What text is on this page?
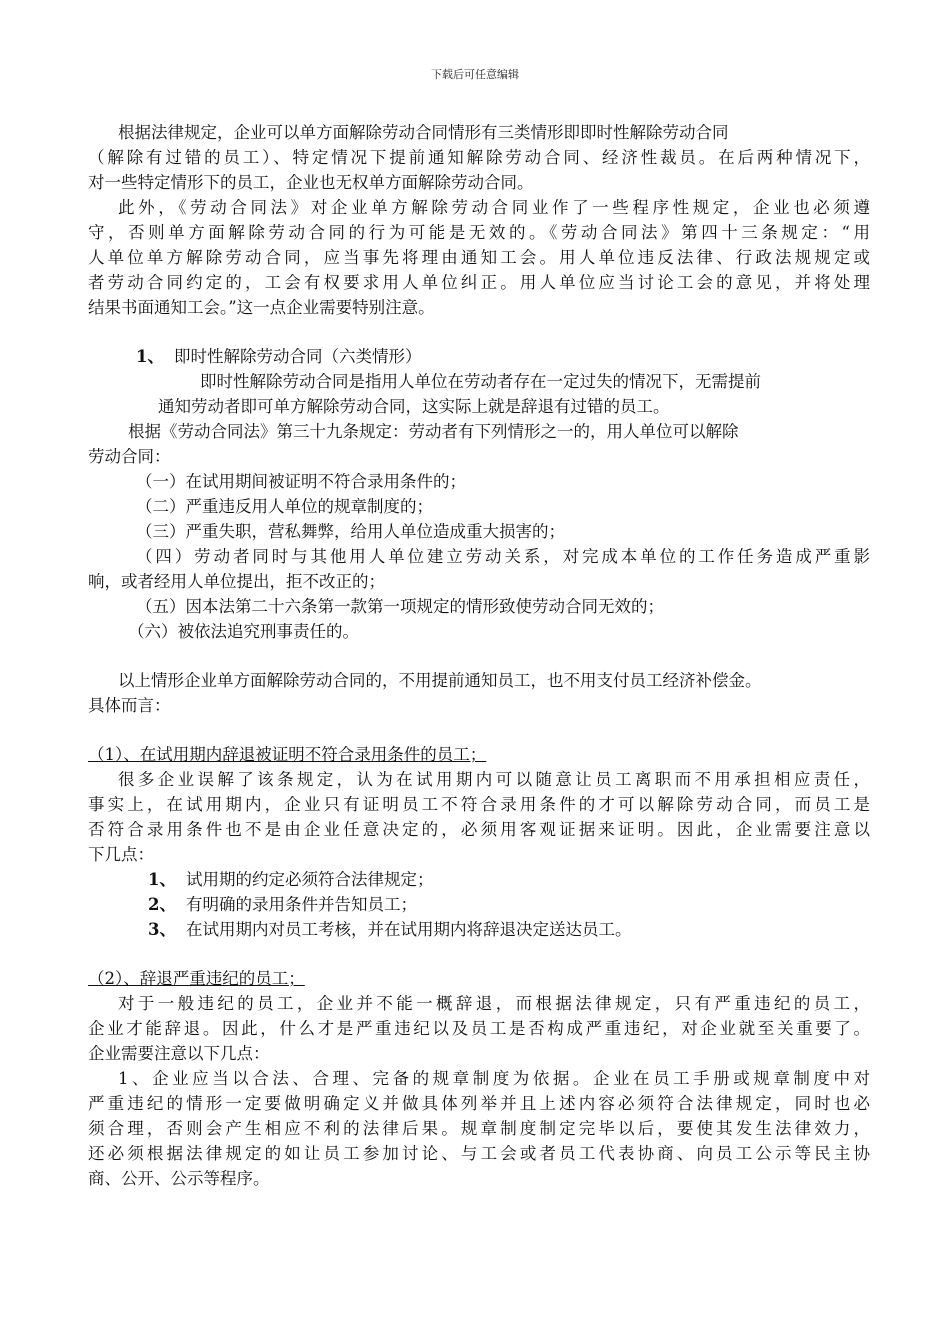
下载后可任意编辑
根据法律规定，企业可以单方面解除劳动合同情形有三类情形即即时性解除劳动合同
（解除有过错的员工）、特定情况下提前通知解除劳动合同、经济性裁员。在后两种情况下，
对一些特定情形下的员工，企业也无权单方面解除劳动合同。
此外，《劳动合同法》对企业单方解除劳动合同业作了一些程序性规定，企业也必须遵
守，否则单方面解除劳动合同的行为可能是无效的。《劳动合同法》第四十三条规定：“用
人单位单方解除劳动合同，应当事先将理由通知工会。用人单位违反法律、行政法规规定或
者劳动合同约定的，工会有权要求用人单位纠正。用人单位应当讨论工会的意见，并将处理
结果书面通知工会。”这一点企业需要特别注意。
1、 即时性解除劳动合同（六类情形）
即时性解除劳动合同是指用人单位在劳动者存在一定过失的情况下，无需提前
通知劳动者即可单方解除劳动合同，这实际上就是辞退有过错的员工。
根据《劳动合同法》第三十九条规定：劳动者有下列情形之一的，用人单位可以解除
劳动合同：
（一）在试用期间被证明不符合录用条件的；
（二）严重违反用人单位的规章制度的；
（三）严重失职，营私舞弊，给用人单位造成重大损害的；
（四）劳动者同时与其他用人单位建立劳动关系，对完成本单位的工作任务造成严重影
响，或者经用人单位提出，拒不改正的；
（五）因本法第二十六条第一款第一项规定的情形致使劳动合同无效的；
（六）被依法追究刑事责任的。
以上情形企业单方面解除劳动合同的，不用提前通知员工，也不用支付员工经济补偿金。
具体而言：
（1）、在试用期内辞退被证明不符合录用条件的员工；
很多企业误解了该条规定，认为在试用期内可以随意让员工离职而不用承担相应责任，
事实上，在试用期内，企业只有证明员工不符合录用条件的才可以解除劳动合同，而员工是
否符合录用条件也不是由企业任意决定的，必须用客观证据来证明。因此，企业需要注意以
下几点：
1、 试用期的约定必须符合法律规定；
2、 有明确的录用条件并告知员工；
3、 在试用期内对员工考核，并在试用期内将辞退决定送达员工。
（2）、辞退严重违纪的员工；
对于一般违纪的员工，企业并不能一概辞退，而根据法律规定，只有严重违纪的员工，
企业才能辞退。因此，什么才是严重违纪以及员工是否构成严重违纪，对企业就至关重要了。
企业需要注意以下几点：
1、企业应当以合法、合理、完备的规章制度为依据。企业在员工手册或规章制度中对
严重违纪的情形一定要做明确定义并做具体列举并且上述内容必须符合法律规定，同时也必
须合理，否则会产生相应不利的法律后果。规章制度制定完毕以后，要使其发生法律效力，
还必须根据法律规定的如让员工参加讨论、与工会或者员工代表协商、向员工公示等民主协
商、公开、公示等程序。
